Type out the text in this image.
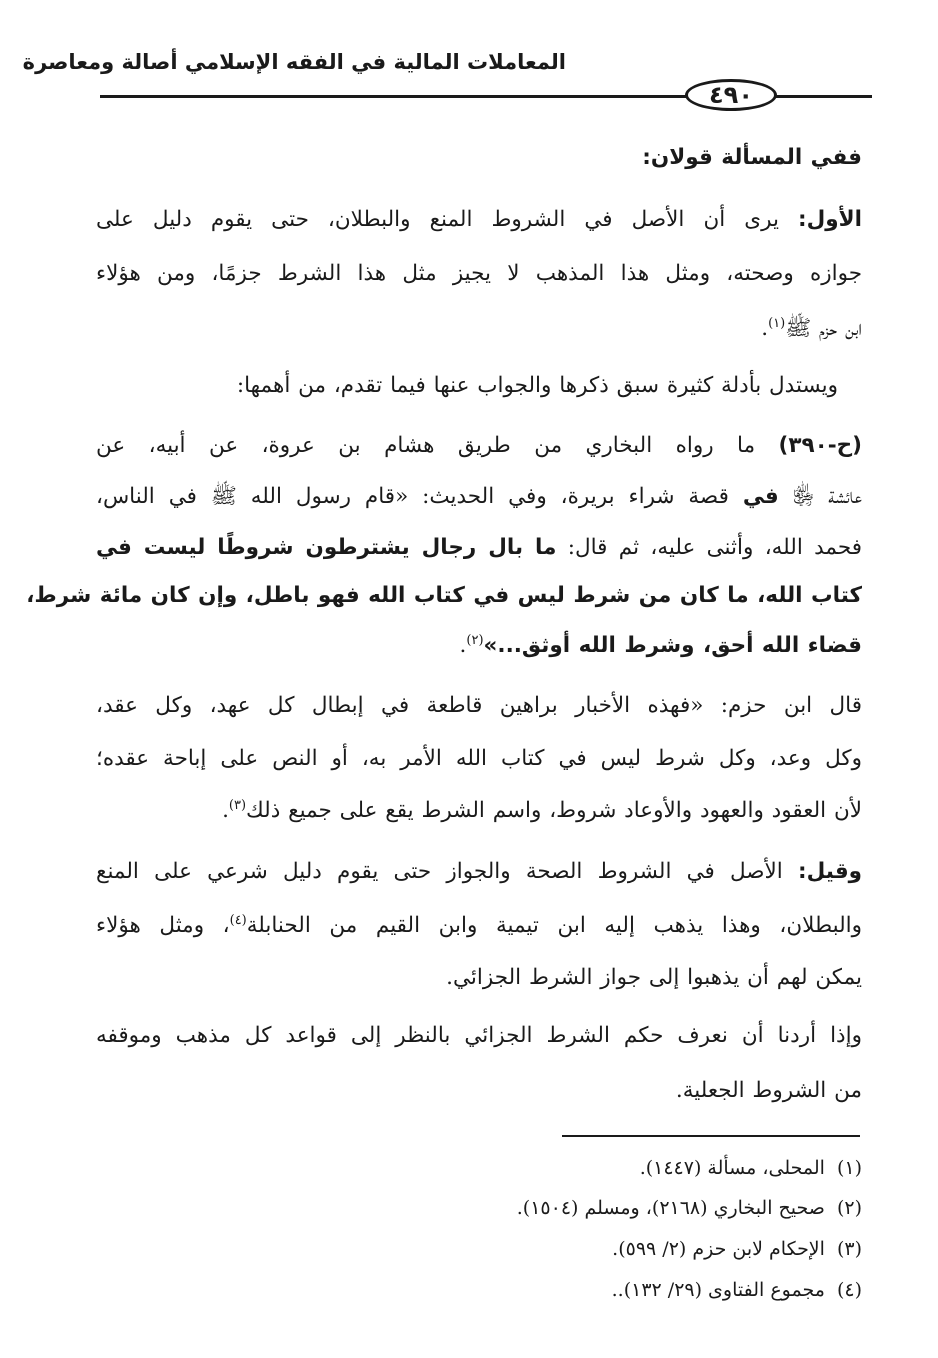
المعاملات المالية في الفقه الإسلامي أصالة ومعاصرة
٤٩٠
ففي المسألة قولان:
الأول: يرى أن الأصل في الشروط المنع والبطلان، حتى يقوم دليل على
جوازه وصحته، ومثل هذا المذهب لا يجيز مثل هذا الشرط جزمًا، ومن هؤلاء
ابن حزم ﷺ$^{(١)}$.
ويستدل بأدلة كثيرة سبق ذكرها والجواب عنها فيما تقدم، من أهمها:
(ح-٣٩٠) ما رواه البخاري من طريق هشام بن عروة، عن أبيه، عن
عائشة ﵂ في قصة شراء بريرة، وفي الحديث: «قام رسول الله ﷺ في الناس،
فحمد الله، وأثنى عليه، ثم قال: ما بال رجال يشترطون شروطًا ليست في
كتاب الله، ما كان من شرط ليس في كتاب الله فهو باطل، وإن كان مائة شرط،
قضاء الله أحق، وشرط الله أوثق...»$^{(٢)}$.
قال ابن حزم: «فهذه الأخبار براهين قاطعة في إبطال كل عهد، وكل عقد،
وكل وعد، وكل شرط ليس في كتاب الله الأمر به، أو النص على إباحة عقده؛
لأن العقود والعهود والأوعاد شروط، واسم الشرط يقع على جميع ذلك$^{(٣)}$.
وقيل: الأصل في الشروط الصحة والجواز حتى يقوم دليل شرعي على المنع
والبطلان، وهذا يذهب إليه ابن تيمية وابن القيم من الحنابلة$^{(٤)}$، ومثل هؤلاء
يمكن لهم أن يذهبوا إلى جواز الشرط الجزائي.
وإذا أردنا أن نعرف حكم الشرط الجزائي بالنظر إلى قواعد كل مذهب وموقفه
من الشروط الجعلية.
(١)المحلى، مسألة (١٤٤٧).
(٢)صحيح البخاري (٢١٦٨)، ومسلم (١٥٠٤).
(٣)الإحكام لابن حزم (٢/ ٥٩٩).
(٤)مجموع الفتاوى (٢٩/ ١٣٢)..
